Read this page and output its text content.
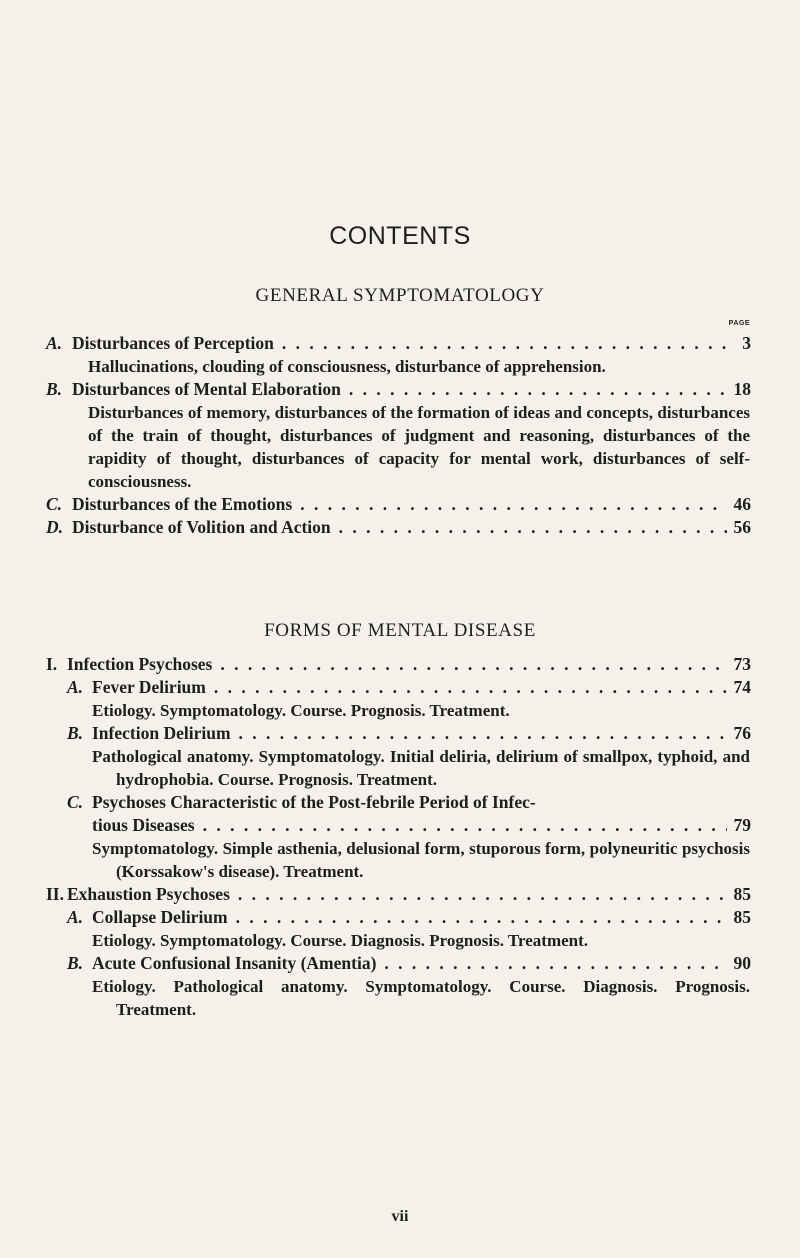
CONTENTS
GENERAL SYMPTOMATOLOGY
PAGE
A. Disturbances of Perception . . .	3
Hallucinations, clouding of consciousness, disturbance of apprehension.
B. Disturbances of Mental Elaboration . . .	18
Disturbances of memory, disturbances of the formation of ideas and concepts, disturbances of the train of thought, disturbances of judgment and reasoning, disturbances of the rapidity of thought, disturbances of capacity for mental work, disturbances of self-consciousness.
C. Disturbances of the Emotions . . .	46
D. Disturbance of Volition and Action . . .	56
FORMS OF MENTAL DISEASE
I. Infection Psychoses . . .	73
A. Fever Delirium . . .	74
Etiology. Symptomatology. Course. Prognosis. Treatment.
B. Infection Delirium . . .	76
Pathological anatomy. Symptomatology. Initial deliria, delirium of smallpox, typhoid, and hydrophobia. Course. Prognosis. Treatment.
C. Psychoses Characteristic of the Post-febrile Period of Infec-
tious Diseases . . .	79
Symptomatology. Simple asthenia, delusional form, stuporous form, polyneuritic psychosis (Korssakow's disease). Treatment.
II. Exhaustion Psychoses . . .	85
A. Collapse Delirium . . .	85
Etiology. Symptomatology. Course. Diagnosis. Prognosis. Treatment.
B. Acute Confusional Insanity (Amentia) . . .	90
Etiology. Pathological anatomy. Symptomatology. Course. Diagnosis. Prognosis. Treatment.
vii
